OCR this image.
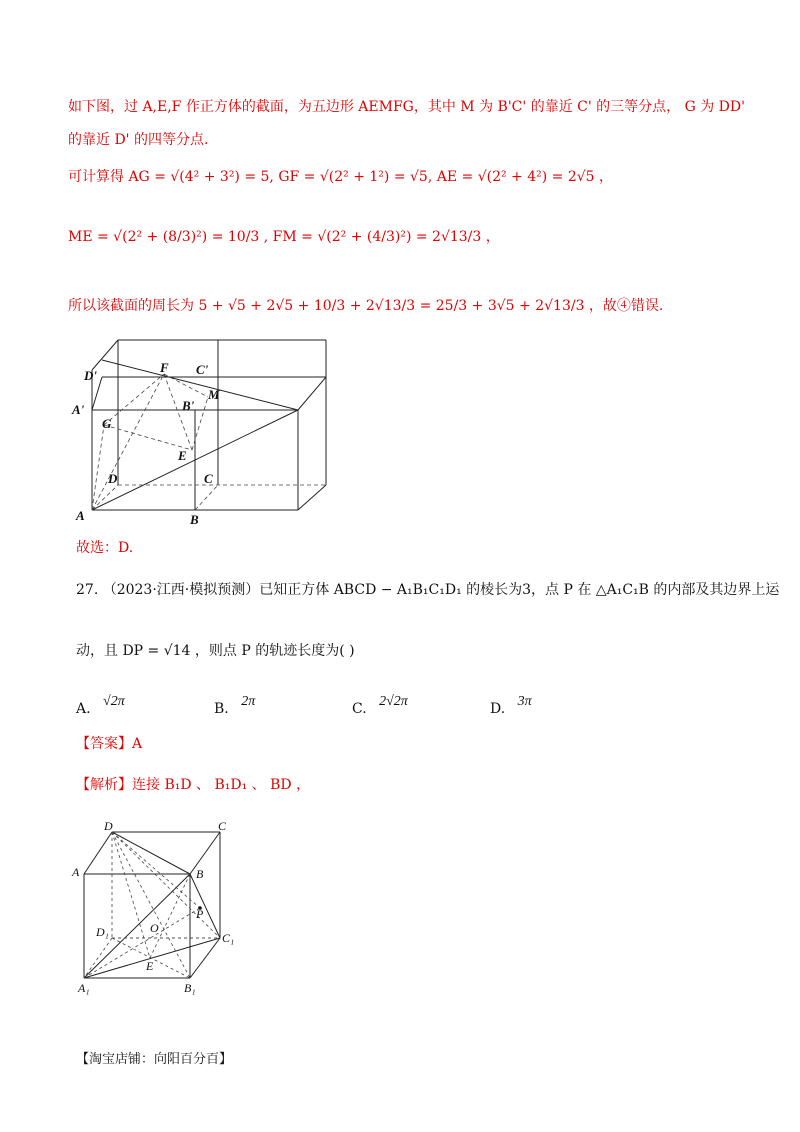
如下图，过 A,E,F 作正方体的截面，为五边形 AEMFG，其中 M 为 B'C' 的靠近 C' 的三等分点， G 为 DD'
的靠近 D' 的四等分点.
可计算得 AG = √(4² + 3²) = 5, GF = √(2² + 1²) = √5, AE = √(2² + 4²) = 2√5 ，
ME = √(2² + (8/3)²) = 10/3 , FM = √(2² + (4/3)²) = 2√13/3 ，
所以该截面的周长为 5 + √5 + 2√5 + 10/3 + 2√13/3 = 25/3 + 3√5 + 2√13/3 ，故④错误.
D'
F C'
M
A'	B'
G
E
D	C
A	B
故选：D.
27. （2023·江西·模拟预测）已知正方体 ABCD − A₁B₁C₁D₁ 的棱长为3，点 P 在 △A₁C₁B 的内部及其边界上运
动，且 DP = √14 ，则点 P 的轨迹长度为( )
A. √2π	B. 2π	C. 2√2π	D. 3π
【答案】A
【解析】连接 B₁D 、 B₁D₁ 、 BD ，
D	C
A	B
P
D₁	O
C₁
E
A₁	B₁
【淘宝店铺：向阳百分百】
